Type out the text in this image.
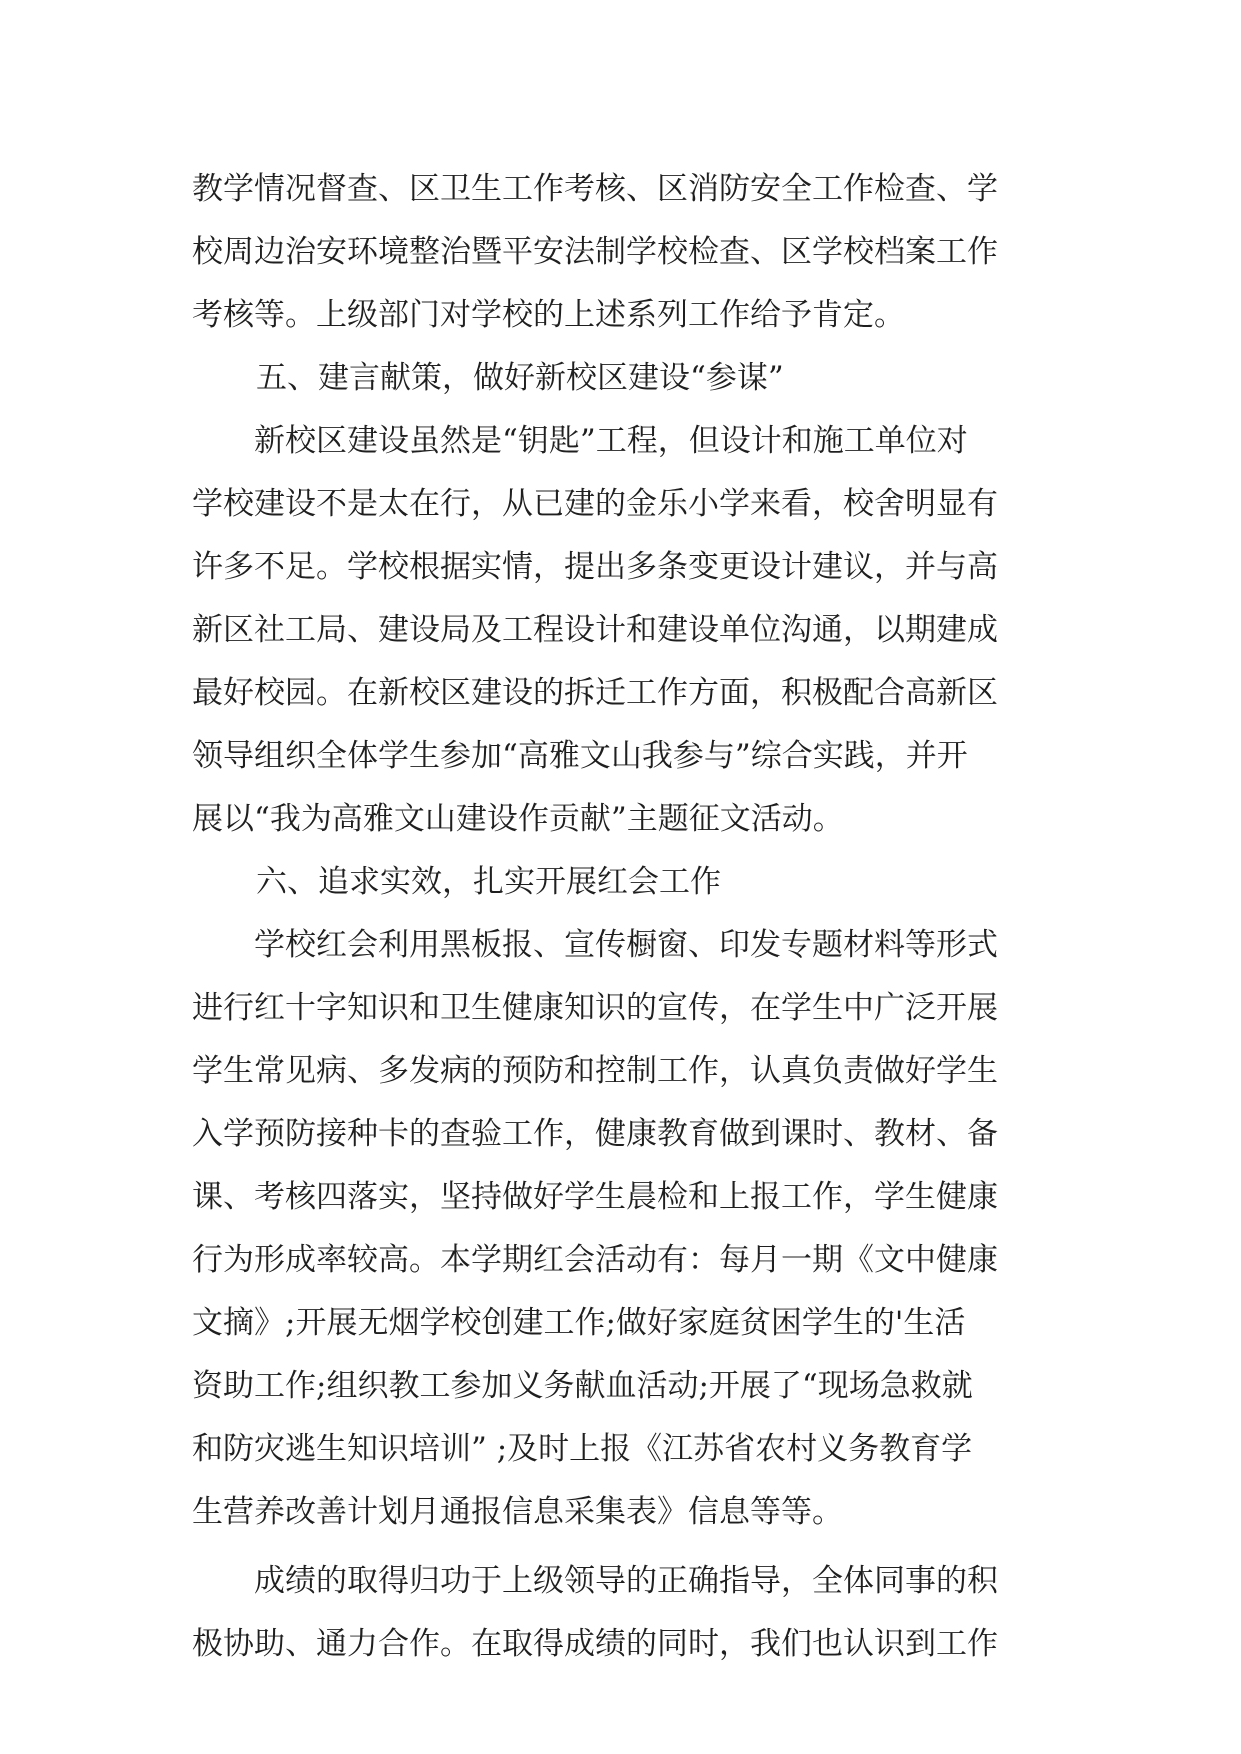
教学情况督查、区卫生工作考核、区消防安全工作检查、学
校周边治安环境整治暨平安法制学校检查、区学校档案工作
考核等。上级部门对学校的上述系列工作给予肯定。
五、建言献策，做好新校区建设“参谋”
　　新校区建设虽然是“钥匙”工程，但设计和施工单位对
学校建设不是太在行，从已建的金乐小学来看，校舍明显有
许多不足。学校根据实情，提出多条变更设计建议，并与高
新区社工局、建设局及工程设计和建设单位沟通，以期建成
最好校园。在新校区建设的拆迁工作方面，积极配合高新区
领导组织全体学生参加“高雅文山我参与”综合实践，并开
展以“我为高雅文山建设作贡献”主题征文活动。
六、追求实效，扎实开展红会工作
　　学校红会利用黑板报、宣传橱窗、印发专题材料等形式
进行红十字知识和卫生健康知识的宣传，在学生中广泛开展
学生常见病、多发病的预防和控制工作，认真负责做好学生
入学预防接种卡的查验工作，健康教育做到课时、教材、备
课、考核四落实，坚持做好学生晨检和上报工作，学生健康
行为形成率较高。本学期红会活动有：每月一期《文中健康
文摘》;开展无烟学校创建工作;做好家庭贫困学生的'生活
资助工作;组织教工参加义务献血活动;开展了“现场急救就
和防灾逃生知识培训” ;及时上报《江苏省农村义务教育学
生营养改善计划月通报信息采集表》信息等等。
　　成绩的取得归功于上级领导的正确指导，全体同事的积
极协助、通力合作。在取得成绩的同时，我们也认识到工作
